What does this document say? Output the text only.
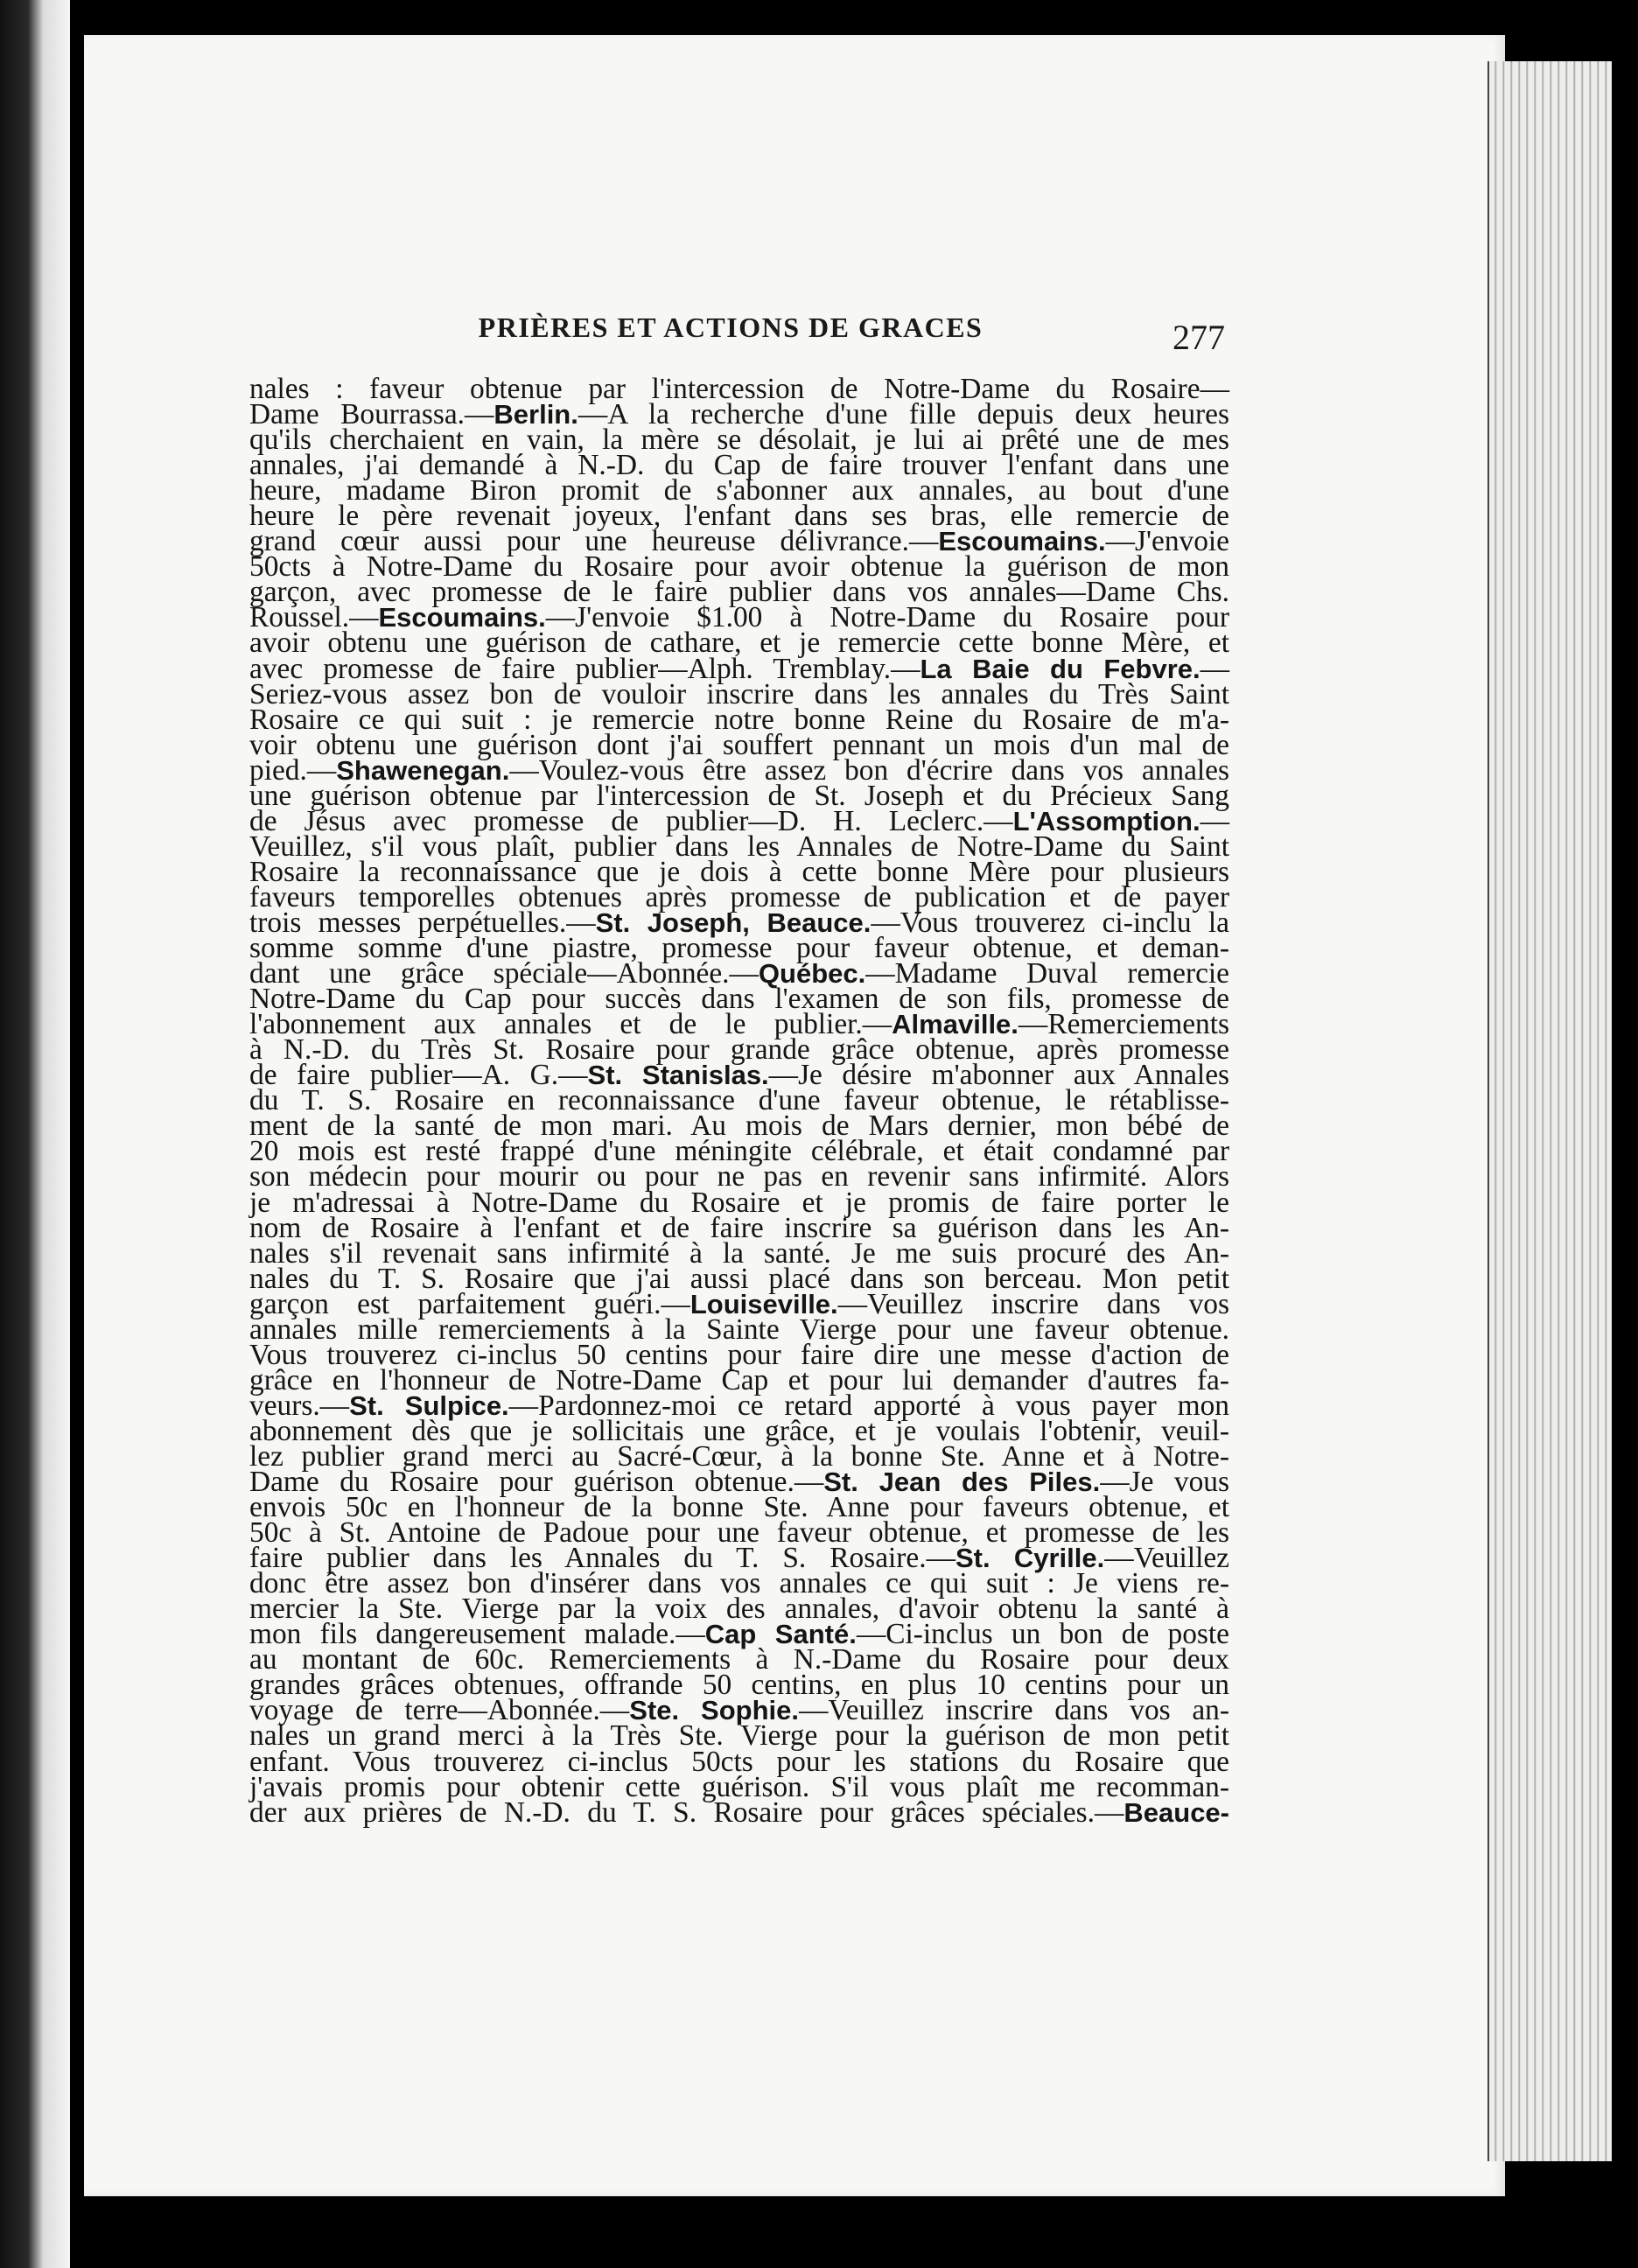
PRIÈRES ET ACTIONS DE GRACES	277
nales : faveur obtenue par l'intercession de Notre-Dame du Rosaire—
Dame Bourrassa.—Berlin.—A la recherche d'une fille depuis deux heures
qu'ils cherchaient en vain, la mère se désolait, je lui ai prêté une de mes
annales, j'ai demandé à N.-D. du Cap de faire trouver l'enfant dans une
heure, madame Biron promit de s'abonner aux annales, au bout d'une
heure le père revenait joyeux, l'enfant dans ses bras, elle remercie de
grand cœur aussi pour une heureuse délivrance.—Escoumains.—J'envoie
50cts à Notre-Dame du Rosaire pour avoir obtenue la guérison de mon
garçon, avec promesse de le faire publier dans vos annales—Dame Chs.
Roussel.—Escoumains.—J'envoie $1.00 à Notre-Dame du Rosaire pour
avoir obtenu une guérison de cathare, et je remercie cette bonne Mère, et
avec promesse de faire publier—Alph. Tremblay.—La Baie du Febvre.—
Seriez-vous assez bon de vouloir inscrire dans les annales du Très Saint
Rosaire ce qui suit : je remercie notre bonne Reine du Rosaire de m'a-
voir obtenu une guérison dont j'ai souffert pennant un mois d'un mal de
pied.—Shawenegan.—Voulez-vous être assez bon d'écrire dans vos annales
une guérison obtenue par l'intercession de St. Joseph et du Précieux Sang
de Jésus avec promesse de publier—D. H. Leclerc.—L'Assomption.—
Veuillez, s'il vous plaît, publier dans les Annales de Notre-Dame du Saint
Rosaire la reconnaissance que je dois à cette bonne Mère pour plusieurs
faveurs temporelles obtenues après promesse de publication et de payer
trois messes perpétuelles.—St. Joseph, Beauce.—Vous trouverez ci-inclu la
somme somme d'une piastre, promesse pour faveur obtenue, et deman-
dant une grâce spéciale—Abonnée.—Québec.—Madame Duval remercie
Notre-Dame du Cap pour succès dans l'examen de son fils, promesse de
l'abonnement aux annales et de le publier.—Almaville.—Remerciements
à N.-D. du Très St. Rosaire pour grande grâce obtenue, après promesse
de faire publier—A. G.—St. Stanislas.—Je désire m'abonner aux Annales
du T. S. Rosaire en reconnaissance d'une faveur obtenue, le rétablisse-
ment de la santé de mon mari. Au mois de Mars dernier, mon bébé de
20 mois est resté frappé d'une méningite célébrale, et était condamné par
son médecin pour mourir ou pour ne pas en revenir sans infirmité. Alors
je m'adressai à Notre-Dame du Rosaire et je promis de faire porter le
nom de Rosaire à l'enfant et de faire inscrire sa guérison dans les An-
nales s'il revenait sans infirmité à la santé. Je me suis procuré des An-
nales du T. S. Rosaire que j'ai aussi placé dans son berceau. Mon petit
garçon est parfaitement guéri.—Louiseville.—Veuillez inscrire dans vos
annales mille remerciements à la Sainte Vierge pour une faveur obtenue.
Vous trouverez ci-inclus 50 centins pour faire dire une messe d'action de
grâce en l'honneur de Notre-Dame Cap et pour lui demander d'autres fa-
veurs.—St. Sulpice.—Pardonnez-moi ce retard apporté à vous payer mon
abonnement dès que je sollicitais une grâce, et je voulais l'obtenir, veuil-
lez publier grand merci au Sacré-Cœur, à la bonne Ste. Anne et à Notre-
Dame du Rosaire pour guérison obtenue.—St. Jean des Piles.—Je vous
envois 50c en l'honneur de la bonne Ste. Anne pour faveurs obtenue, et
50c à St. Antoine de Padoue pour une faveur obtenue, et promesse de les
faire publier dans les Annales du T. S. Rosaire.—St. Cyrille.—Veuillez
donc être assez bon d'insérer dans vos annales ce qui suit : Je viens re-
mercier la Ste. Vierge par la voix des annales, d'avoir obtenu la santé à
mon fils dangereusement malade.—Cap Santé.—Ci-inclus un bon de poste
au montant de 60c. Remerciements à N.-Dame du Rosaire pour deux
grandes grâces obtenues, offrande 50 centins, en plus 10 centins pour un
voyage de terre—Abonnée.—Ste. Sophie.—Veuillez inscrire dans vos an-
nales un grand merci à la Très Ste. Vierge pour la guérison de mon petit
enfant. Vous trouverez ci-inclus 50cts pour les stations du Rosaire que
j'avais promis pour obtenir cette guérison. S'il vous plaît me recomman-
der aux prières de N.-D. du T. S. Rosaire pour grâces spéciales.—Beauce-
